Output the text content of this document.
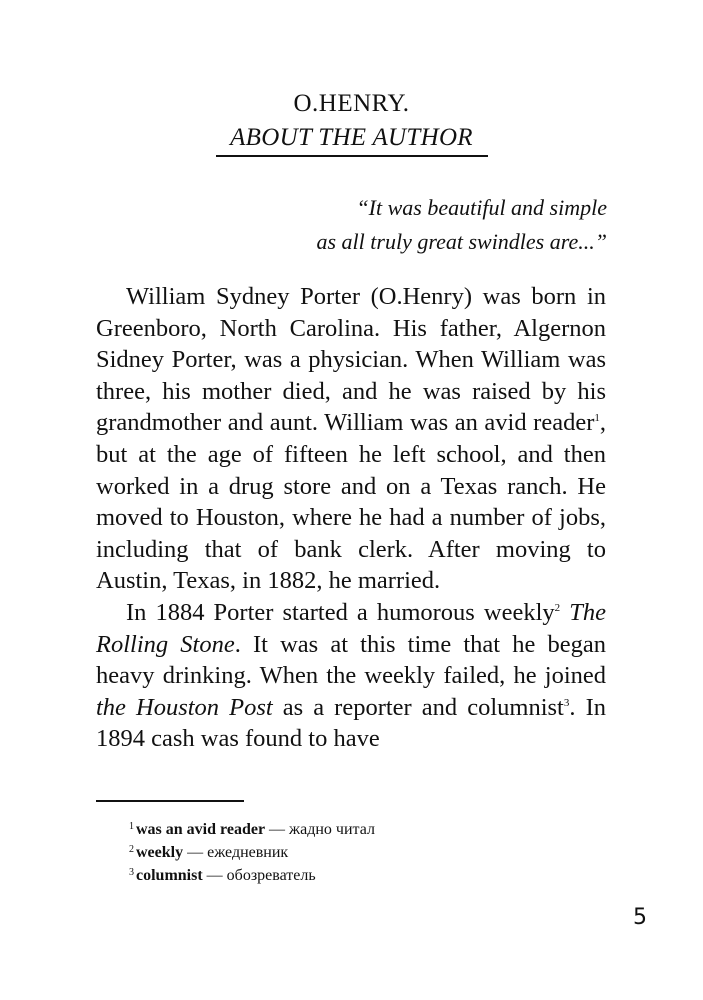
O.HENRY.
ABOUT THE AUTHOR
“It was beautiful and simple
as all truly great swindles are...”

William Sydney Porter (O.Henry) was born in Greenboro, North Carolina. His father, Algernon Sidney Porter, was a physician. When William was three, his mother died, and he was raised by his grandmother and aunt. William was an avid reader$^1$, but at the age of fifteen he left school, and then worked in a drug store and on a Texas ranch. He moved to Houston, where he had a number of jobs, including that of bank clerk. After moving to Austin, Texas, in 1882, he married.

In 1884 Porter started a humorous weekly$^2$ The Rolling Stone. It was at this time that he began heavy drinking. When the weekly failed, he joined the Houston Post as a reporter and columnist$^3$. In 1894 cash was found to have

$^1$ was an avid reader — жадно читал
$^2$ weekly — ежедневник
$^3$ columnist — обозреватель
5
